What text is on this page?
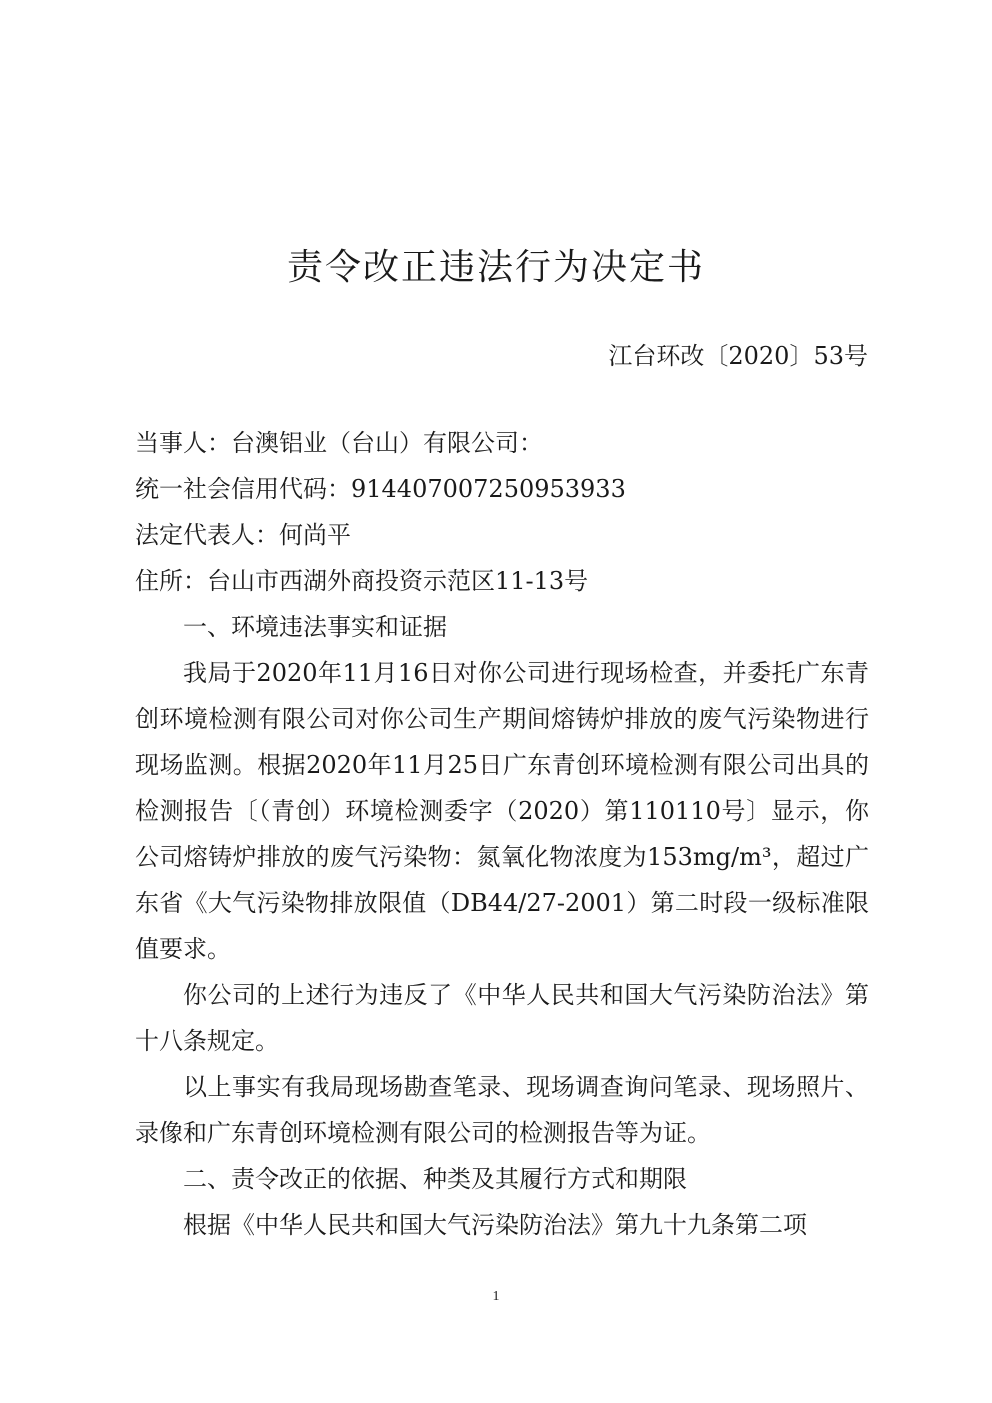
责令改正违法行为决定书
江台环改〔2020〕53号

当事人：台澳铝业（台山）有限公司：

统一社会信用代码：914407007250953933

法定代表人：何尚平

住所：台山市西湖外商投资示范区11-13号

一、环境违法事实和证据

我局于2020年11月16日对你公司进行现场检查，并委托广东青创环境检测有限公司对你公司生产期间熔铸炉排放的废气污染物进行现场监测。根据2020年11月25日广东青创环境检测有限公司出具的检测报告〔（青创）环境检测委字（2020）第110110号〕显示，你公司熔铸炉排放的废气污染物：氮氧化物浓度为153mg/m³，超过广东省《大气污染物排放限值（DB44/27-2001）第二时段一级标准限值要求。

你公司的上述行为违反了《中华人民共和国大气污染防治法》第十八条规定。

以上事实有我局现场勘查笔录、现场调查询问笔录、现场照片、录像和广东青创环境检测有限公司的检测报告等为证。

二、责令改正的依据、种类及其履行方式和期限

根据《中华人民共和国大气污染防治法》第九十九条第二项

1
